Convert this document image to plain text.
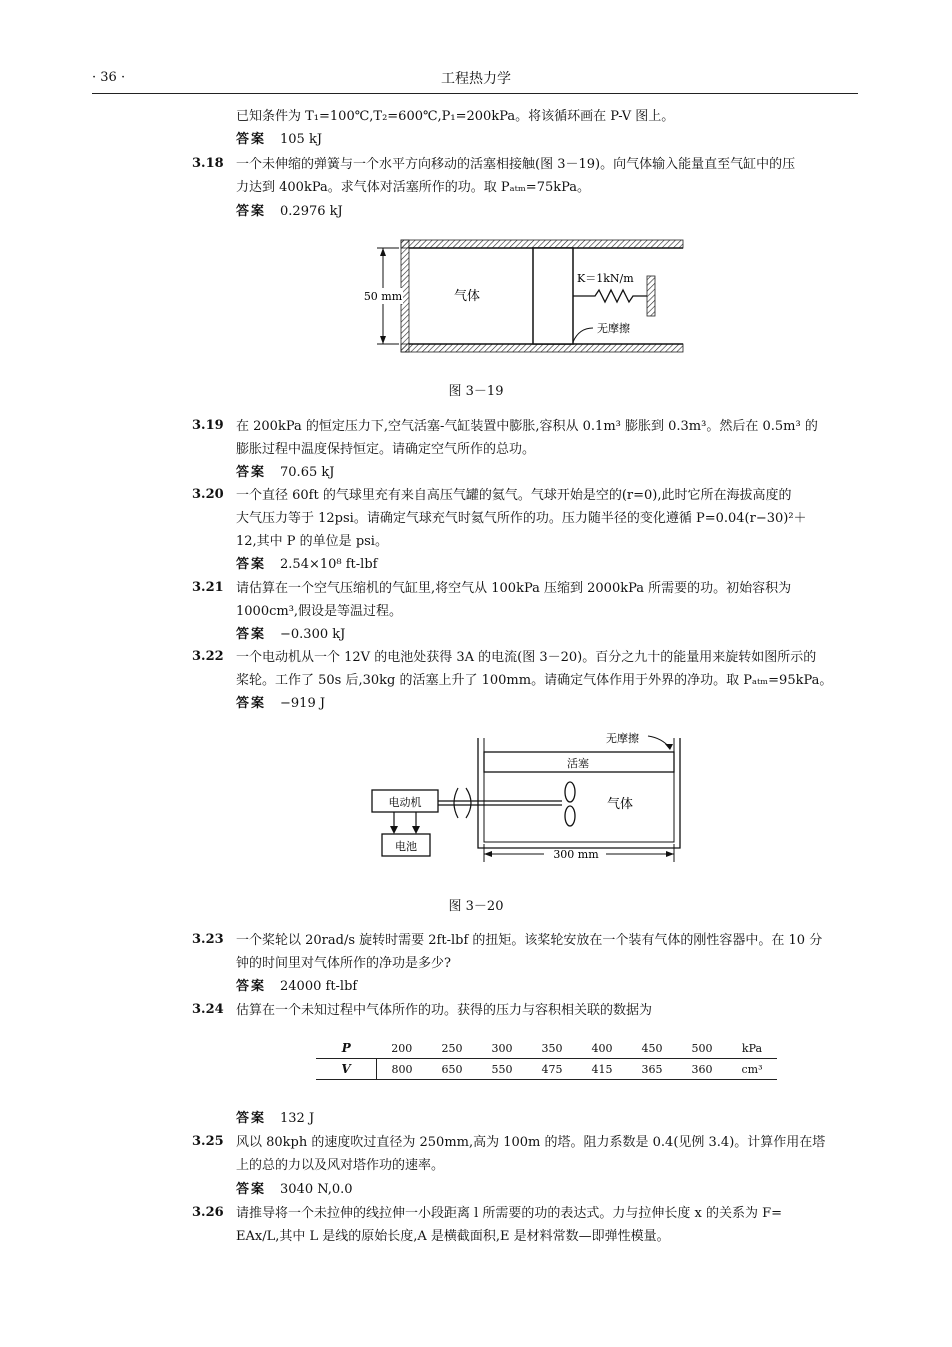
· 36 ·	工程热力学
已知条件为 T₁=100℃,T₂=600℃,P₁=200kPa。将该循环画在 P-V 图上。
答案 105 kJ
3.18 一个未伸缩的弹簧与一个水平方向移动的活塞相接触(图 3－19)。向气体输入能量直至气缸中的压
力达到 400kPa。求气体对活塞所作的功。取 Pₐₜₘ=75kPa。
答案 0.2976 kJ
50 mm	气体
K＝1kN/m
无摩擦
图 3－19
3.19 在 200kPa 的恒定压力下,空气活塞-气缸装置中膨胀,容积从 0.1m³ 膨胀到 0.3m³。然后在 0.5m³ 的
膨胀过程中温度保持恒定。请确定空气所作的总功。
答案 70.65 kJ
3.20 一个直径 60ft 的气球里充有来自高压气罐的氦气。气球开始是空的(r=0),此时它所在海拔高度的
大气压力等于 12psi。请确定气球充气时氦气所作的功。压力随半径的变化遵循 P=0.04(r−30)²＋
12,其中 P 的单位是 psi。
答案 2.54×10⁸ ft-lbf
3.21 请估算在一个空气压缩机的气缸里,将空气从 100kPa 压缩到 2000kPa 所需要的功。初始容积为
1000cm³,假设是等温过程。
答案 −0.300 kJ
3.22 一个电动机从一个 12V 的电池处获得 3A 的电流(图 3－20)。百分之九十的能量用来旋转如图所示的
桨轮。工作了 50s 后,30kg 的活塞上升了 100mm。请确定气体作用于外界的净功。取 Pₐₜₘ=95kPa。
答案 −919 J
活塞
无摩擦
电动机	气体
电池
300 mm
图 3－20
3.23 一个桨轮以 20rad/s 旋转时需要 2ft-lbf 的扭矩。该桨轮安放在一个装有气体的刚性容器中。在 10 分
钟的时间里对气体所作的净功是多少?
答案 24000 ft-lbf
3.24 估算在一个未知过程中气体所作的功。获得的压力与容积相关联的数据为
P	200	250	300	350	400	450	500	kPa
V	800	650	550	475	415	365	360	cm³
答案 132 J
3.25 风以 80kph 的速度吹过直径为 250mm,高为 100m 的塔。阻力系数是 0.4(见例 3.4)。计算作用在塔
上的总的力以及风对塔作功的速率。
答案 3040 N,0.0
3.26 请推导将一个未拉伸的线拉伸一小段距离 l 所需要的功的表达式。力与拉伸长度 x 的关系为 F=
EAx/L,其中 L 是线的原始长度,A 是横截面积,E 是材料常数—即弹性模量。
